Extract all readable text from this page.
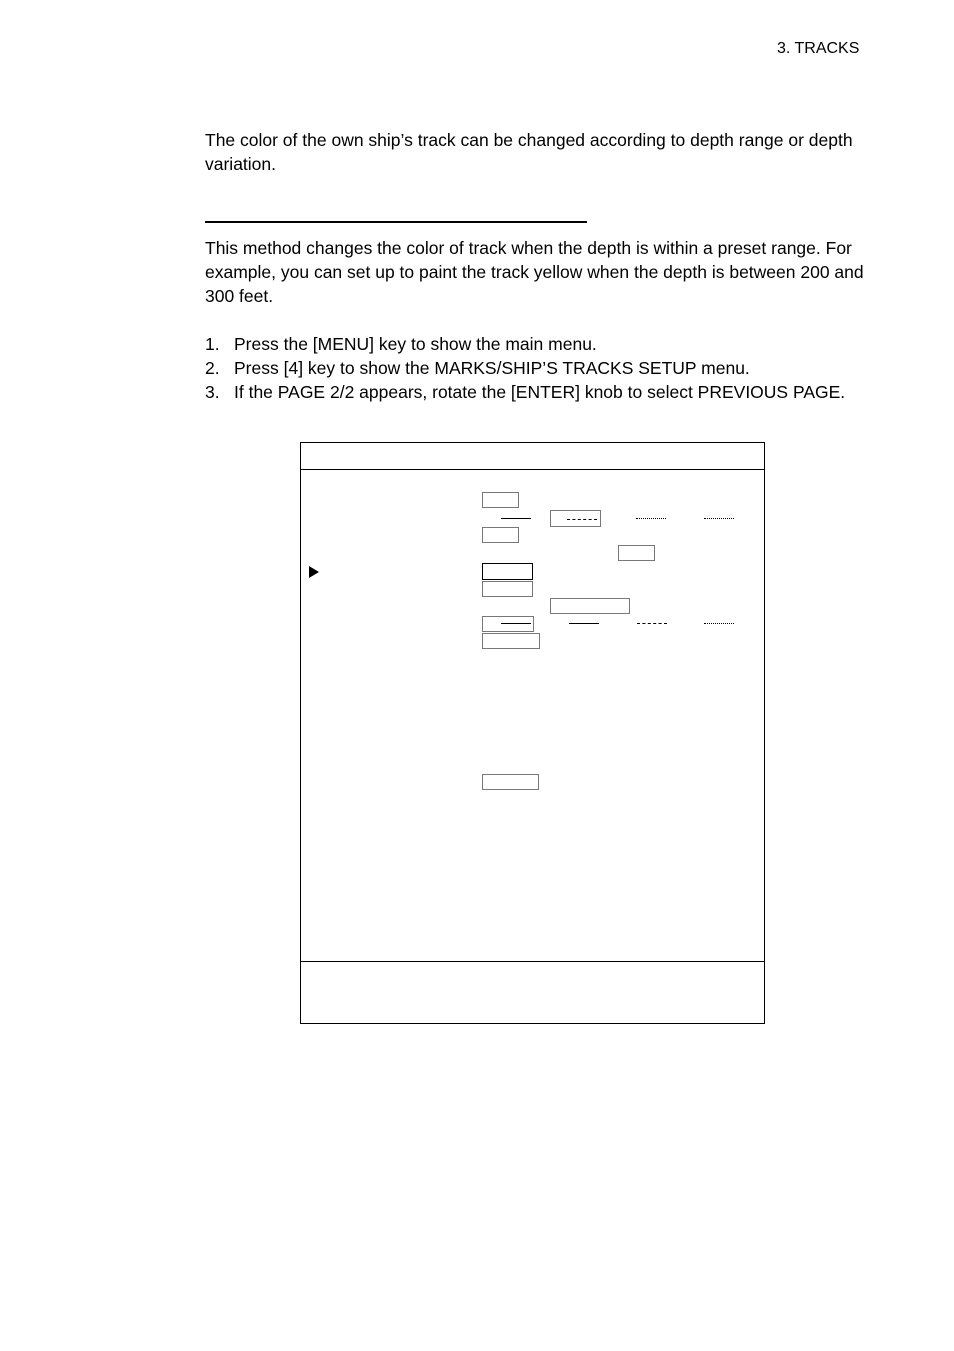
3. TRACKS
The color of the own ship’s track can be changed according to depth range or depth variation.
This method changes the color of track when the depth is within a preset range. For example, you can set up to paint the track yellow when the depth is between 200 and 300 feet.
1. Press the [MENU] key to show the main menu.
2. Press [4] key to show the MARKS/SHIP’S TRACKS SETUP menu.
3. If the PAGE 2/2 appears, rotate the [ENTER] knob to select PREVIOUS PAGE.
